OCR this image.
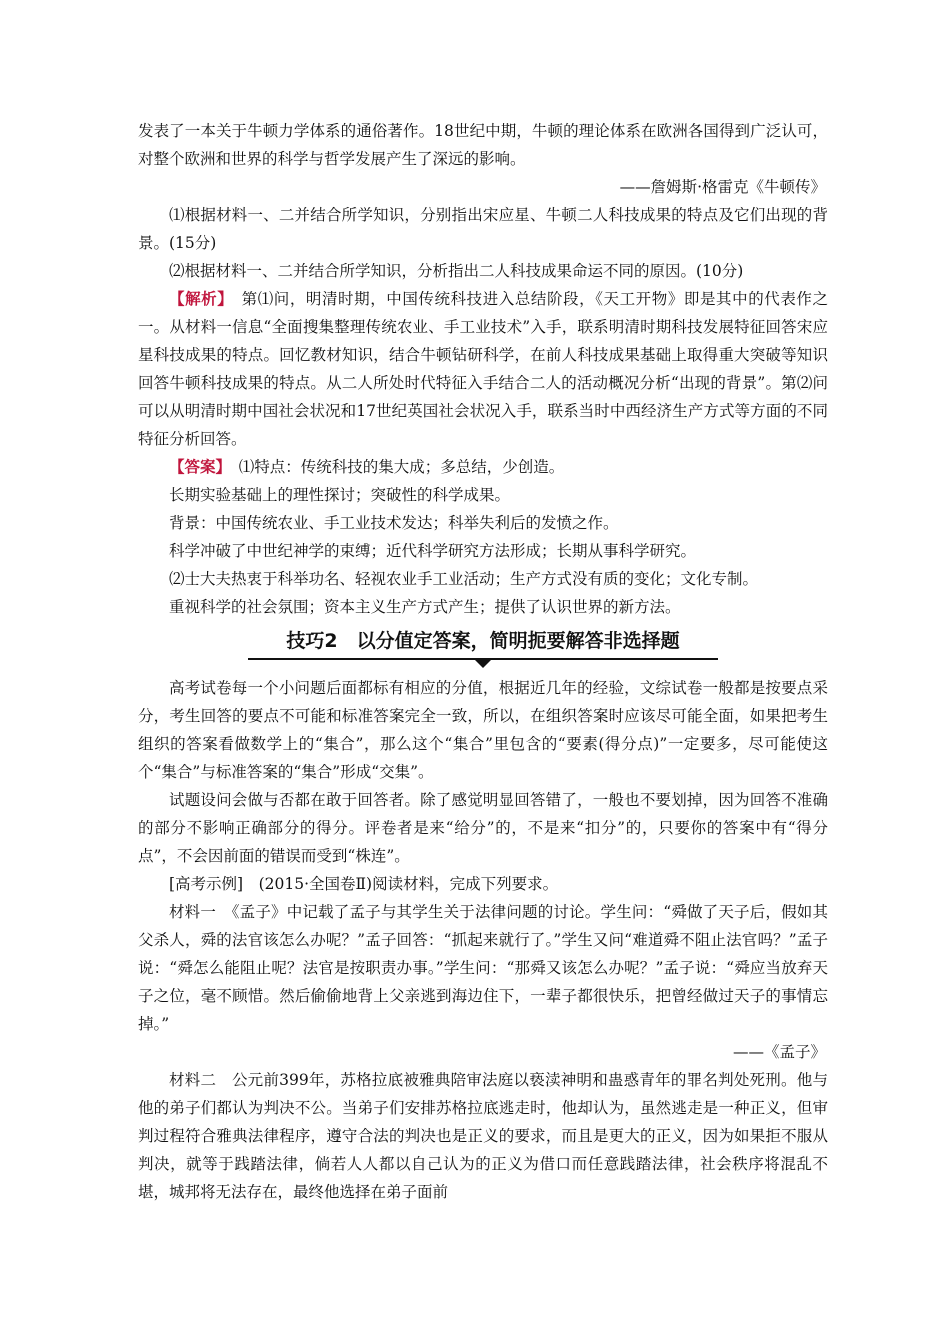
发表了一本关于牛顿力学体系的通俗著作。18世纪中期，牛顿的理论体系在欧洲各国得到广泛认可，对整个欧洲和世界的科学与哲学发展产生了深远的影响。

——詹姆斯·格雷克《牛顿传》

⑴根据材料一、二并结合所学知识，分别指出宋应星、牛顿二人科技成果的特点及它们出现的背景。(15分)

⑵根据材料一、二并结合所学知识，分析指出二人科技成果命运不同的原因。(10分)

【解析】　第⑴问，明清时期，中国传统科技进入总结阶段，《天工开物》即是其中的代表作之一。从材料一信息“全面搜集整理传统农业、手工业技术”入手，联系明清时期科技发展特征回答宋应星科技成果的特点。回忆教材知识，结合牛顿钻研科学，在前人科技成果基础上取得重大突破等知识回答牛顿科技成果的特点。从二人所处时代特征入手结合二人的活动概况分析“出现的背景”。第⑵问可以从明清时期中国社会状况和17世纪英国社会状况入手，联系当时中西经济生产方式等方面的不同特征分析回答。

【答案】　⑴特点：传统科技的集大成；多总结，少创造。

长期实验基础上的理性探讨；突破性的科学成果。

背景：中国传统农业、手工业技术发达；科举失利后的发愤之作。

科学冲破了中世纪神学的束缚；近代科学研究方法形成；长期从事科学研究。

⑵士大夫热衷于科举功名、轻视农业手工业活动；生产方式没有质的变化；文化专制。

重视科学的社会氛围；资本主义生产方式产生；提供了认识世界的新方法。

技巧2　以分值定答案，简明扼要解答非选择题

高考试卷每一个小问题后面都标有相应的分值，根据近几年的经验，文综试卷一般都是按要点采分，考生回答的要点不可能和标准答案完全一致，所以，在组织答案时应该尽可能全面，如果把考生组织的答案看做数学上的“集合”，那么这个“集合”里包含的“要素(得分点)”一定要多，尽可能使这个“集合”与标准答案的“集合”形成“交集”。

试题设问会做与否都在敢于回答者。除了感觉明显回答错了，一般也不要划掉，因为回答不准确的部分不影响正确部分的得分。评卷者是来“给分”的，不是来“扣分”的，只要你的答案中有“得分点”，不会因前面的错误而受到“株连”。

[高考示例]　(2015·全国卷Ⅱ)阅读材料，完成下列要求。

材料一　《孟子》中记载了孟子与其学生关于法律问题的讨论。学生问：“舜做了天子后，假如其父杀人，舜的法官该怎么办呢？”孟子回答：“抓起来就行了。”学生又问“难道舜不阻止法官吗？”孟子说：“舜怎么能阻止呢？法官是按职责办事。”学生问：“那舜又该怎么办呢？”孟子说：“舜应当放弃天子之位，毫不顾惜。然后偷偷地背上父亲逃到海边住下，一辈子都很快乐，把曾经做过天子的事情忘掉。”

——《孟子》

材料二　公元前399年，苏格拉底被雅典陪审法庭以亵渎神明和蛊惑青年的罪名判处死刑。他与他的弟子们都认为判决不公。当弟子们安排苏格拉底逃走时，他却认为，虽然逃走是一种正义，但审判过程符合雅典法律程序，遵守合法的判决也是正义的要求，而且是更大的正义，因为如果拒不服从判决，就等于践踏法律，倘若人人都以自己认为的正义为借口而任意践踏法律，社会秩序将混乱不堪，城邦将无法存在，最终他选择在弟子面前
